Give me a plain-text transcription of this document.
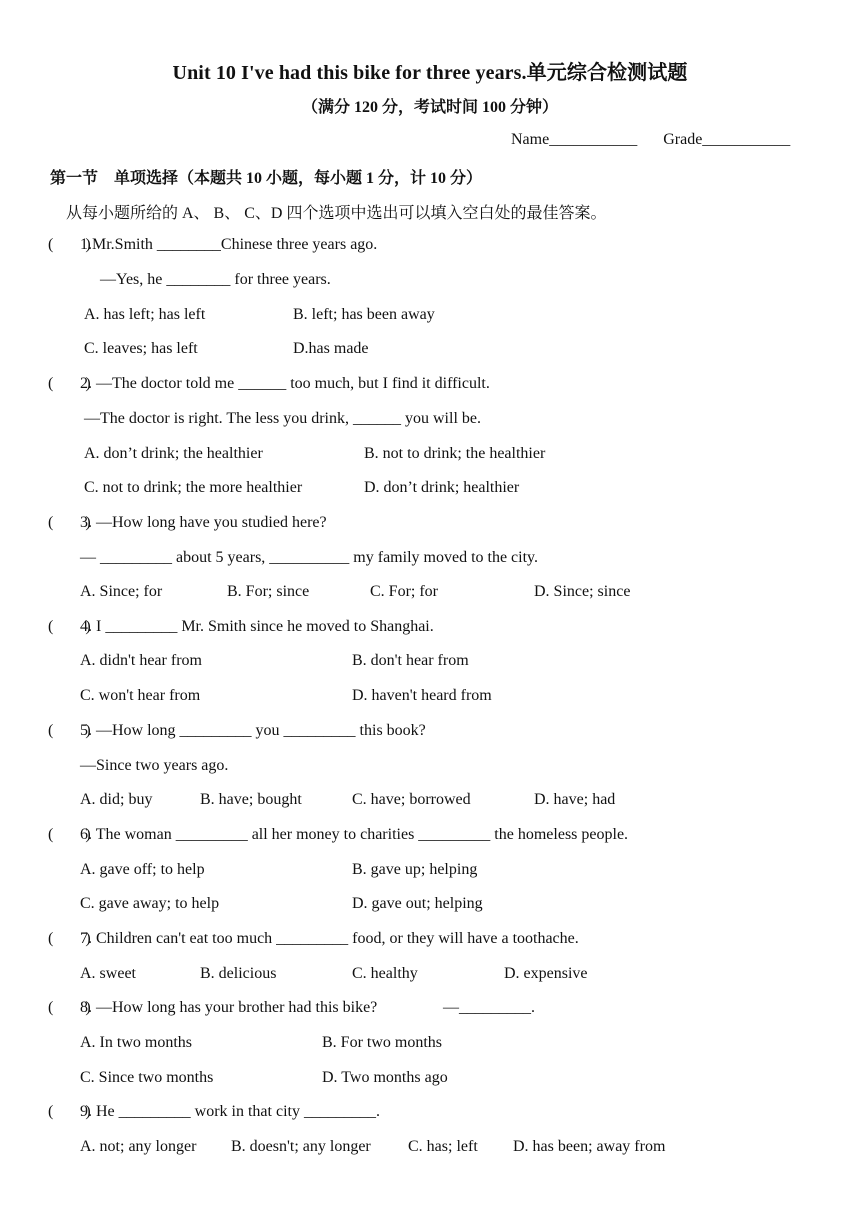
Unit 10 I've had this bike for three years.单元综合检测试题
（满分 120 分，考试时间 100 分钟）
Name___________ Grade___________
第一节　单项选择（本题共 10 小题，每小题 1 分，计 10 分）
从每小题所给的 A、 B、 C、D 四个选项中选出可以填入空白处的最佳答案。
(　　)
1.Mr.Smith ________Chinese three years ago.
—Yes, he ________ for three years.
A. has left; has left	B. left; has been away
C. leaves; has left	D.has made
(　　)
2. —The doctor told me ______ too much, but I find it difficult.
—The doctor is right. The less you drink, ______ you will be.
A. don’t drink; the healthier	B. not to drink; the healthier
C. not to drink; the more healthier	D. don’t drink; healthier
(　　)
3. —How long have you studied here?
— _________ about 5 years, __________ my family moved to the city.
A. Since; for	B. For; since	C. For; for	D. Since; since
(　　)
4. I _________ Mr. Smith since he moved to Shanghai.
A. didn't hear from	B. don't hear from
C. won't hear from	D. haven't heard from
(　　)
5. —How long _________ you _________ this book?
—Since two years ago.
A. did; buy	B. have; bought	C. have; borrowed	D. have; had
(　　)
6. The woman _________ all her money to charities _________ the homeless people.
A. gave off; to help	B. gave up; helping
C. gave away; to help	D. gave out; helping
(　　)
7. Children can't eat too much _________ food, or they will have a toothache.
A. sweet	B. delicious	C. healthy	D. expensive
(　　)
8. —How long has your brother had this bike?	—_________.
A. In two months	B. For two months
C. Since two months	D. Two months ago
(　　)
9. He _________ work in that city _________.
A. not; any longer B. doesn't; any longer C. has; left D. has been; away from
